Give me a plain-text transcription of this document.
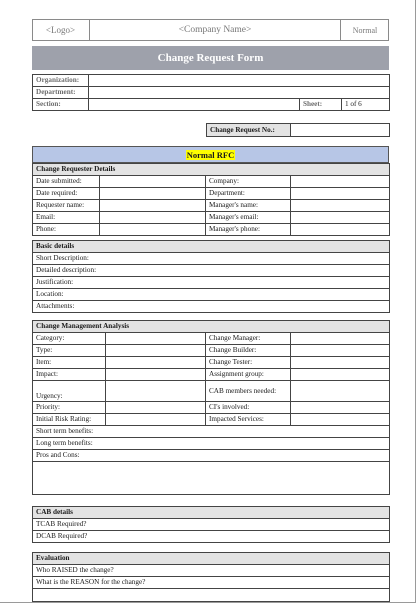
<Logo>	<Company Name>	Normal
Change Request Form
Organization:			
Department:			
Section:		Sheet:	1 of 6
Change Request No.:	
Normal RFC
Change Requester Details			
Date submitted:		Company:	
Date required:		Department:	
Requester name:		Manager's name:	
Email:		Manager's email:	
Phone:		Manager's phone:	
Basic details
Short Description:
Detailed description:
Justification:
Location:
Attachments:
Change Management Analysis			
Category:		Change Manager:	
Type:		Change Builder:	
Item:		Change Tester:	
Impact:		Assignment group:	
Urgency:		CAB members needed:	
Priority:		CI's involved:	
Initial Risk Rating:		Impacted Services:	
Short term benefits:			
Long term benefits:			
Pros and Cons:			

CAB details
TCAB Required?
DCAB Required?
Evaluation
Who RAISED the change?
What is the REASON for the change?
